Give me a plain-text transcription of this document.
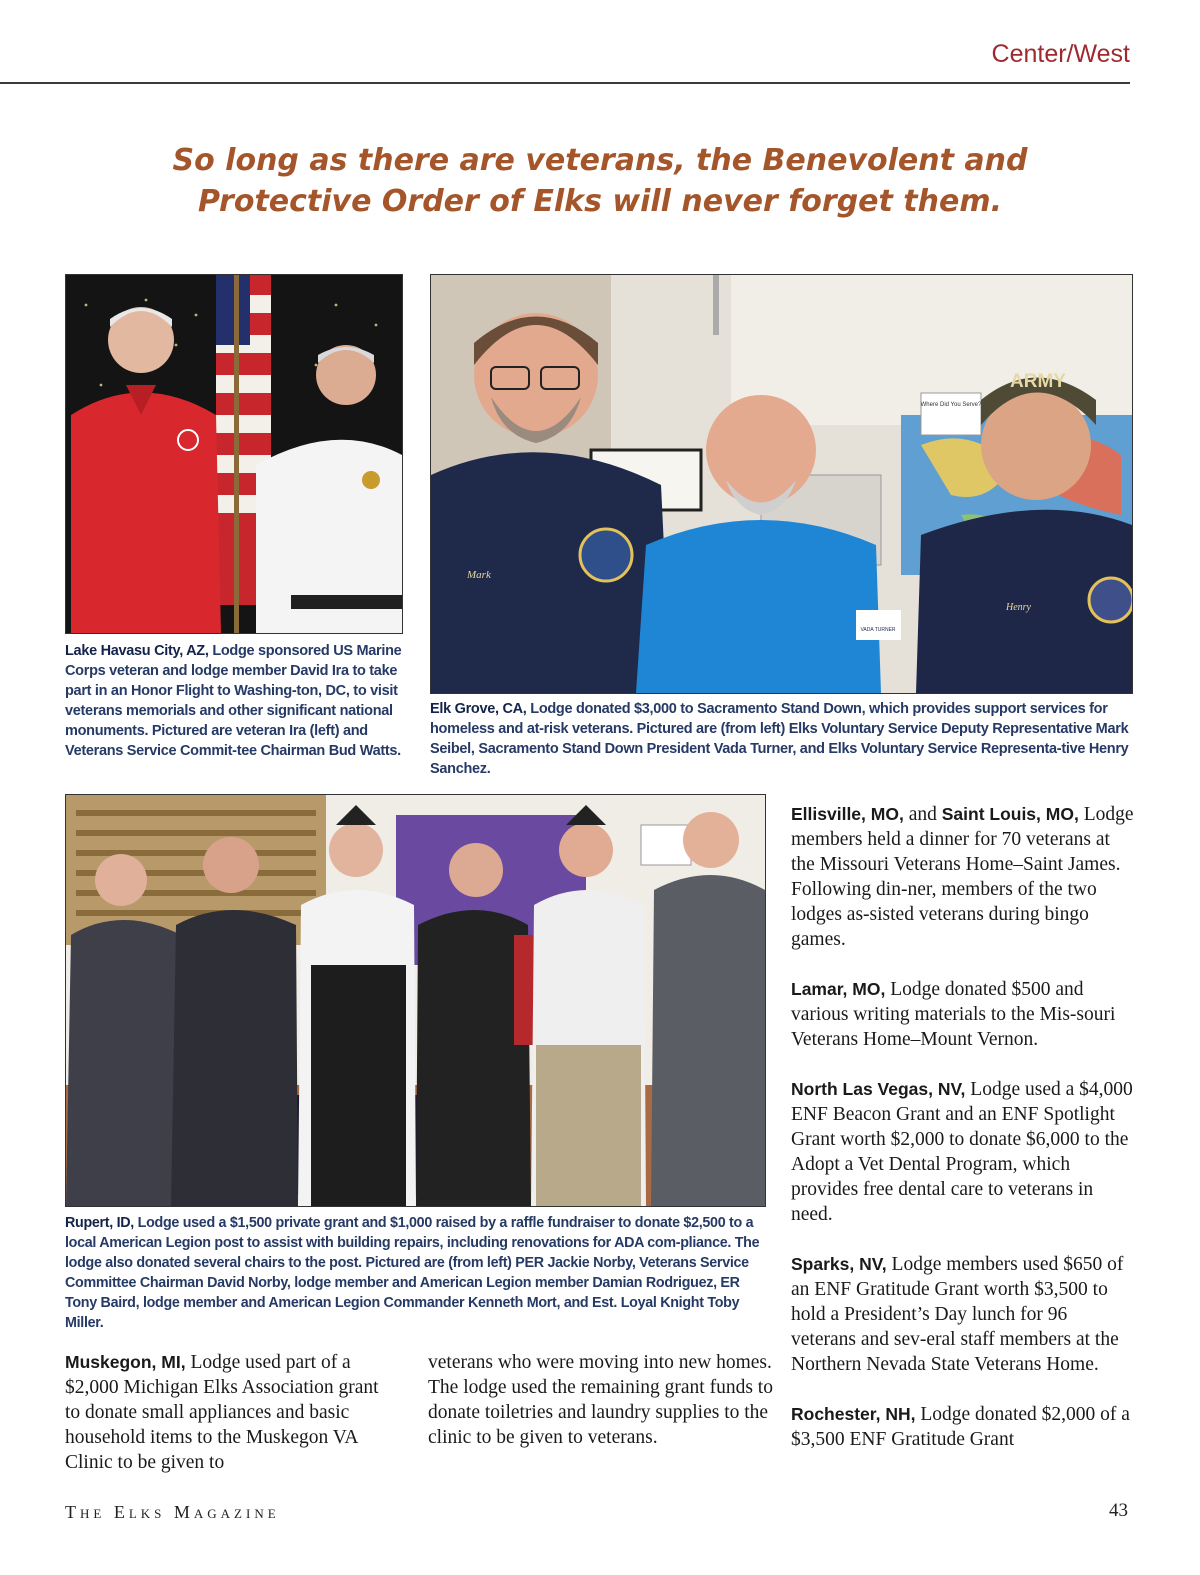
Center/West
So long as there are veterans, the Benevolent and
Protective Order of Elks will never forget them.
Lake Havasu City, AZ, Lodge sponsored US Marine Corps veteran and lodge member David Ira to take part in an Honor Flight to Washing-ton, DC, to visit veterans memorials and other significant national monuments. Pictured are veteran Ira (left) and Veterans Service Commit-tee Chairman Bud Watts.
Where Did You Serve?
Mark
VADA TURNER
ARMY
Henry
Elk Grove, CA, Lodge donated $3,000 to Sacramento Stand Down, which provides support services for homeless and at-risk veterans. Pictured are (from left) Elks Voluntary Service Deputy Representative Mark Seibel, Sacramento Stand Down President Vada Turner, and Elks Voluntary Service Representa-tive Henry Sanchez.
Rupert, ID, Lodge used a $1,500 private grant and $1,000 raised by a raffle fundraiser to donate $2,500 to a local American Legion post to assist with building repairs, including renovations for ADA com-pliance. The lodge also donated several chairs to the post. Pictured are (from left) PER Jackie Norby, Veterans Service Committee Chairman David Norby, lodge member and American Legion member Damian Rodriguez, ER Tony Baird, lodge member and American Legion Commander Kenneth Mort, and Est. Loyal Knight Toby Miller.

Ellisville, MO, and Saint Louis, MO, Lodge members held a dinner for 70 veterans at the Missouri Veterans Home–Saint James. Following din-ner, members of the two lodges as-sisted veterans during bingo games.

Lamar, MO, Lodge donated $500 and various writing materials to the Mis-souri Veterans Home–Mount Vernon.

North Las Vegas, NV, Lodge used a $4,000 ENF Beacon Grant and an ENF Spotlight Grant worth $2,000 to donate $6,000 to the Adopt a Vet Dental Program, which provides free dental care to veterans in need.

Sparks, NV, Lodge members used $650 of an ENF Gratitude Grant worth $3,500 to hold a President’s Day lunch for 96 veterans and sev-eral staff members at the Northern Nevada State Veterans Home.

Rochester, NH, Lodge donated $2,000 of a $3,500 ENF Gratitude Grant

Muskegon, MI, Lodge used part of a $2,000 Michigan Elks Association grant to donate small appliances and basic household items to the Muskegon VA Clinic to be given to
veterans who were moving into new homes. The lodge used the remaining grant funds to donate toiletries and laundry supplies to the clinic to be given to veterans.
The Elks Magazine	43
